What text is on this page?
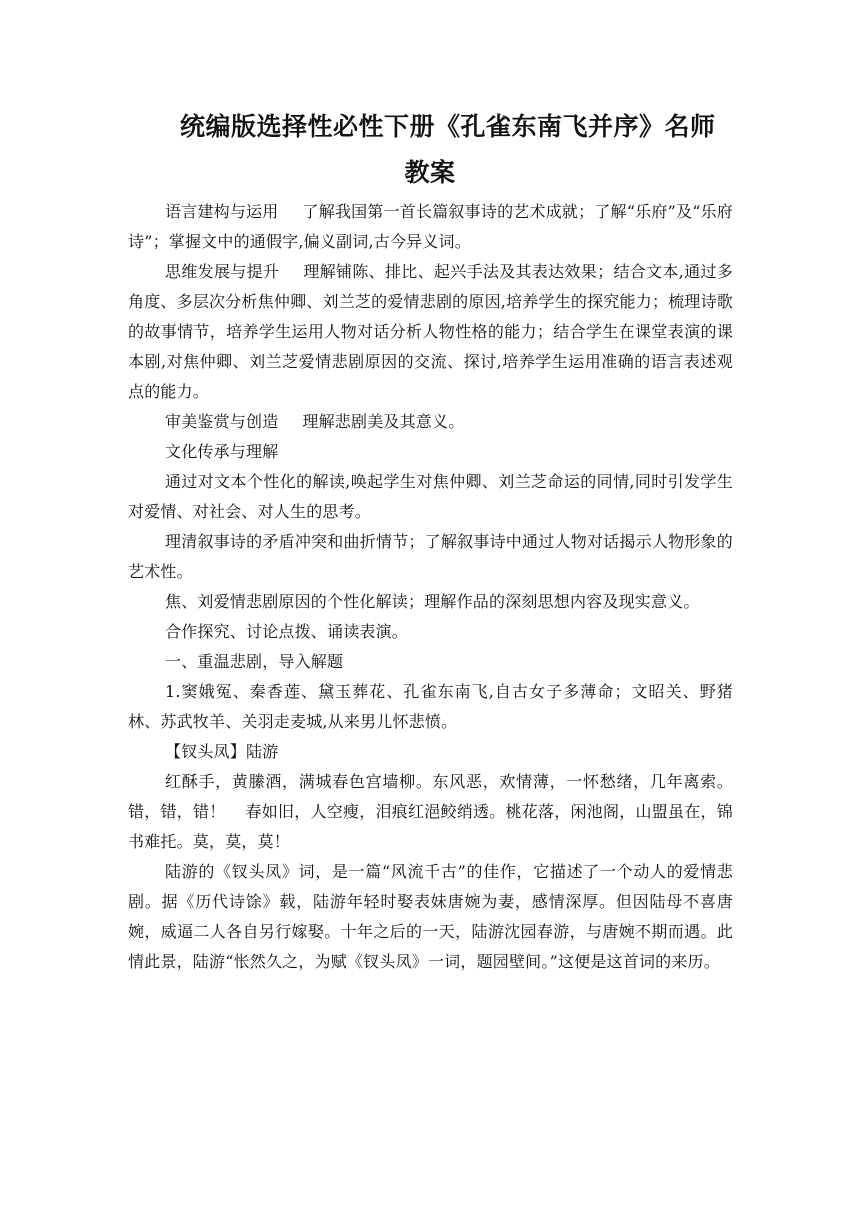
统编版选择性必性下册《孔雀东南飞并序》名师
教案

语言建构与运用 了解我国第一首长篇叙事诗的艺术成就；了解“乐府”及“乐府诗”；掌握文中的通假字,偏义副词,古今异义词。

思维发展与提升 理解铺陈、排比、起兴手法及其表达效果；结合文本,通过多角度、多层次分析焦仲卿、刘兰芝的爱情悲剧的原因,培养学生的探究能力；梳理诗歌的故事情节，培养学生运用人物对话分析人物性格的能力；结合学生在课堂表演的课本剧,对焦仲卿、刘兰芝爱情悲剧原因的交流、探讨,培养学生运用准确的语言表述观点的能力。

审美鉴赏与创造 理解悲剧美及其意义。

文化传承与理解

通过对文本个性化的解读,唤起学生对焦仲卿、刘兰芝命运的同情,同时引发学生对爱情、对社会、对人生的思考。

理清叙事诗的矛盾冲突和曲折情节；了解叙事诗中通过人物对话揭示人物形象的艺术性。

焦、刘爱情悲剧原因的个性化解读；理解作品的深刻思想内容及现实意义。

合作探究、讨论点拨、诵读表演。

一、重温悲剧，导入解题

1.窦娥冤、秦香莲、黛玉葬花、孔雀东南飞,自古女子多薄命；文昭关、野猪林、苏武牧羊、关羽走麦城,从来男儿怀悲愤。

【钗头凤】陆游

红酥手，黄縢酒，满城春色宫墙柳。东风恶，欢情薄，一怀愁绪，几年离索。错，错，错！ 春如旧，人空瘦，泪痕红浥鲛绡透。桃花落，闲池阁，山盟虽在，锦书难托。莫，莫，莫！

陆游的《钗头凤》词，是一篇“风流千古”的佳作，它描述了一个动人的爱情悲剧。据《历代诗馀》载，陆游年轻时娶表妹唐婉为妻，感情深厚。但因陆母不喜唐婉，威逼二人各自另行嫁娶。十年之后的一天，陆游沈园春游，与唐婉不期而遇。此情此景，陆游“怅然久之，为赋《钗头凤》一词，题园壁间。”这便是这首词的来历。
